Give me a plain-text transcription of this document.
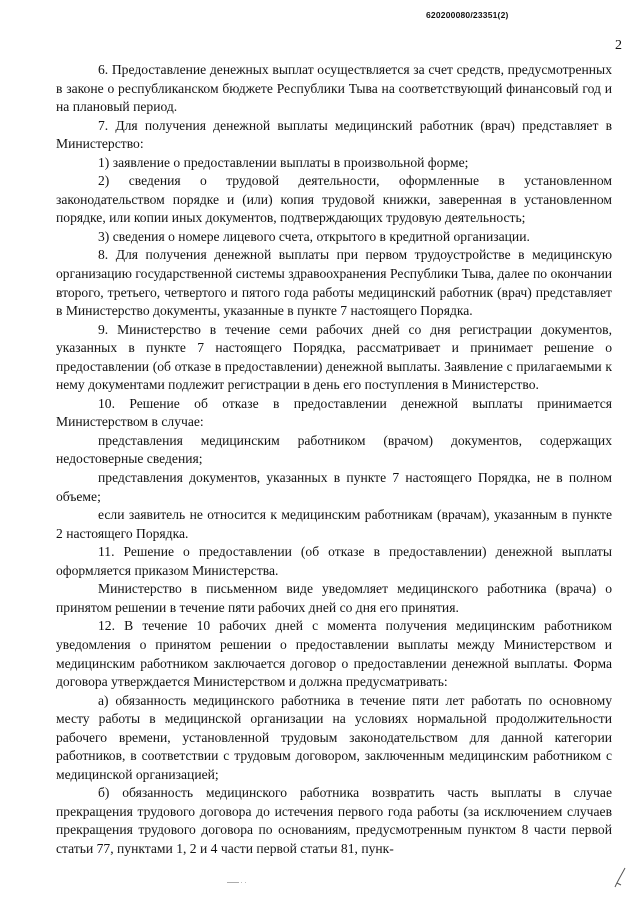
620200080/23351(2)
2

6. Предоставление денежных выплат осуществляется за счет средств, предусмотренных в законе о республиканском бюджете Республики Тыва на соответствующий финансовый год и на плановый период.

7. Для получения денежной выплаты медицинский работник (врач) представляет в Министерство:

1) заявление о предоставлении выплаты в произвольной форме;

2) сведения о трудовой деятельности, оформленные в установленном законодательством порядке и (или) копия трудовой книжки, заверенная в установленном порядке, или копии иных документов, подтверждающих трудовую деятельность;

3) сведения о номере лицевого счета, открытого в кредитной организации.

8. Для получения денежной выплаты при первом трудоустройстве в медицинскую организацию государственной системы здравоохранения Республики Тыва, далее по окончании второго, третьего, четвертого и пятого года работы медицинский работник (врач) представляет в Министерство документы, указанные в пункте 7 настоящего Порядка.

9. Министерство в течение семи рабочих дней со дня регистрации документов, указанных в пункте 7 настоящего Порядка, рассматривает и принимает решение о предоставлении (об отказе в предоставлении) денежной выплаты. Заявление с прилагаемыми к нему документами подлежит регистрации в день его поступления в Министерство.

10. Решение об отказе в предоставлении денежной выплаты принимается Министерством в случае:

представления медицинским работником (врачом) документов, содержащих недостоверные сведения;

представления документов, указанных в пункте 7 настоящего Порядка, не в полном объеме;

если заявитель не относится к медицинским работникам (врачам), указанным в пункте 2 настоящего Порядка.

11. Решение о предоставлении (об отказе в предоставлении) денежной выплаты оформляется приказом Министерства.

Министерство в письменном виде уведомляет медицинского работника (врача) о принятом решении в течение пяти рабочих дней со дня его принятия.

12. В течение 10 рабочих дней с момента получения медицинским работником уведомления о принятом решении о предоставлении выплаты между Министерством и медицинским работником заключается договор о предоставлении денежной выплаты. Форма договора утверждается Министерством и должна предусматривать:

а) обязанность медицинского работника в течение пяти лет работать по основному месту работы в медицинской организации на условиях нормальной продолжительности рабочего времени, установленной трудовым законодательством для данной категории работников, в соответствии с трудовым договором, заключенным медицинским работником с медицинской организацией;

б) обязанность медицинского работника возвратить часть выплаты в случае прекращения трудового договора до истечения первого года работы (за исключением случаев прекращения трудового договора по основаниям, предусмотренным пунктом 8 части первой статьи 77, пунктами 1, 2 и 4 части первой статьи 81, пунк-

—— · ·
